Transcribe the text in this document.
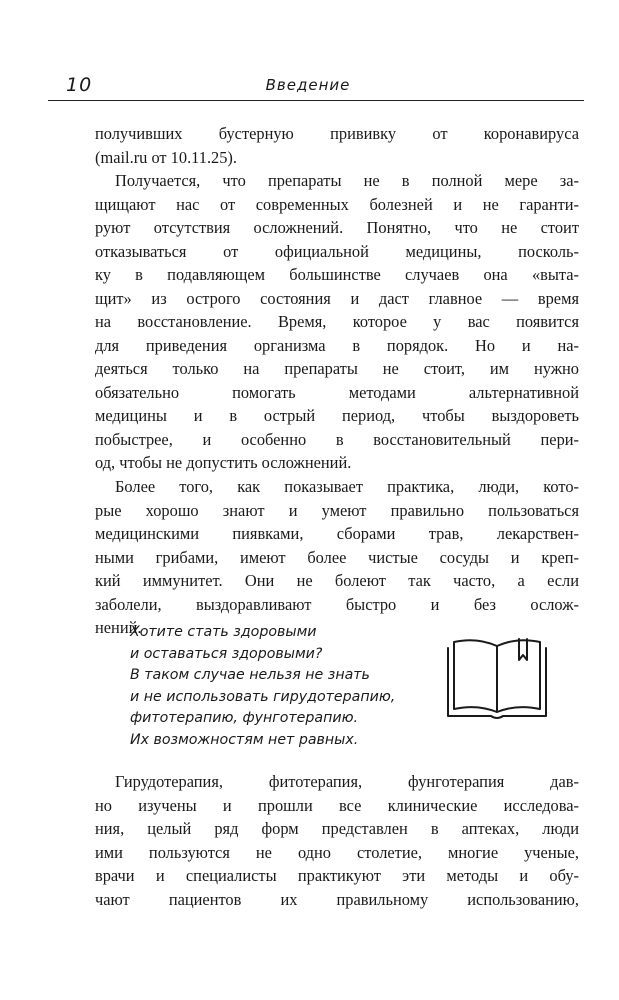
10	Введение
получивших бустерную прививку от коронавируса
(mail.ru от 10.11.25).
Получается, что препараты не в полной мере за-
щищают нас от современных болезней и не гаранти-
руют отсутствия осложнений. Понятно, что не стоит
отказываться от официальной медицины, посколь-
ку в подавляющем большинстве случаев она «выта-
щит» из острого состояния и даст главное — время
на восстановление. Время, которое у вас появится
для приведения организма в порядок. Но и на-
деяться только на препараты не стоит, им нужно
обязательно помогать методами альтернативной
медицины и в острый период, чтобы выздороветь
побыстрее, и особенно в восстановительный пери-
од, чтобы не допустить осложнений.
Более того, как показывает практика, люди, кото-
рые хорошо знают и умеют правильно пользоваться
медицинскими пиявками, сборами трав, лекарствен-
ными грибами, имеют более чистые сосуды и креп-
кий иммунитет. Они не болеют так часто, а если
заболели, выздоравливают быстро и без ослож-
нений.
Хотите стать здоровыми
и оставаться здоровыми?
В таком случае нельзя не знать
и не использовать гирудотерапию,
фитотерапию, фунготерапию.
Их возможностям нет равных.
Гирудотерапия, фитотерапия, фунготерапия дав-
но изучены и прошли все клинические исследова-
ния, целый ряд форм представлен в аптеках, люди
ими пользуются не одно столетие, многие ученые,
врачи и специалисты практикуют эти методы и обу-
чают пациентов их правильному использованию,
